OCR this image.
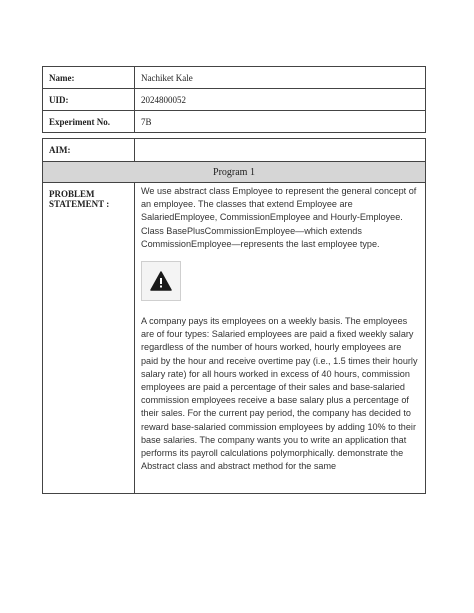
Name:	Nachiket Kale
UID:	2024800052
Experiment No.	7B
AIM:	
Program 1	
PROBLEM STATEMENT :	We use abstract class Employee to represent the general concept of an employee. The classes that extend Employee are SalariedEmployee, CommissionEmployee and Hourly-Employee. Class BasePlusCommissionEmployee—which extends CommissionEmployee—represents the last employee type.
A company pays its employees on a weekly basis. The employees are of four types: Salaried employees are paid a fixed weekly salary regardless of the number of hours worked, hourly employees are paid by the hour and receive overtime pay (i.e., 1.5 times their hourly salary rate) for all hours worked in excess of 40 hours, commission employees are paid a percentage of their sales and base-salaried commission employees receive a base salary plus a percentage of their sales. For the current pay period, the company has decided to reward base-salaried commission employees by adding 10% to their base salaries. The company wants you to write an application that performs its payroll calculations polymorphically. demonstrate the Abstract class and abstract method for the same
